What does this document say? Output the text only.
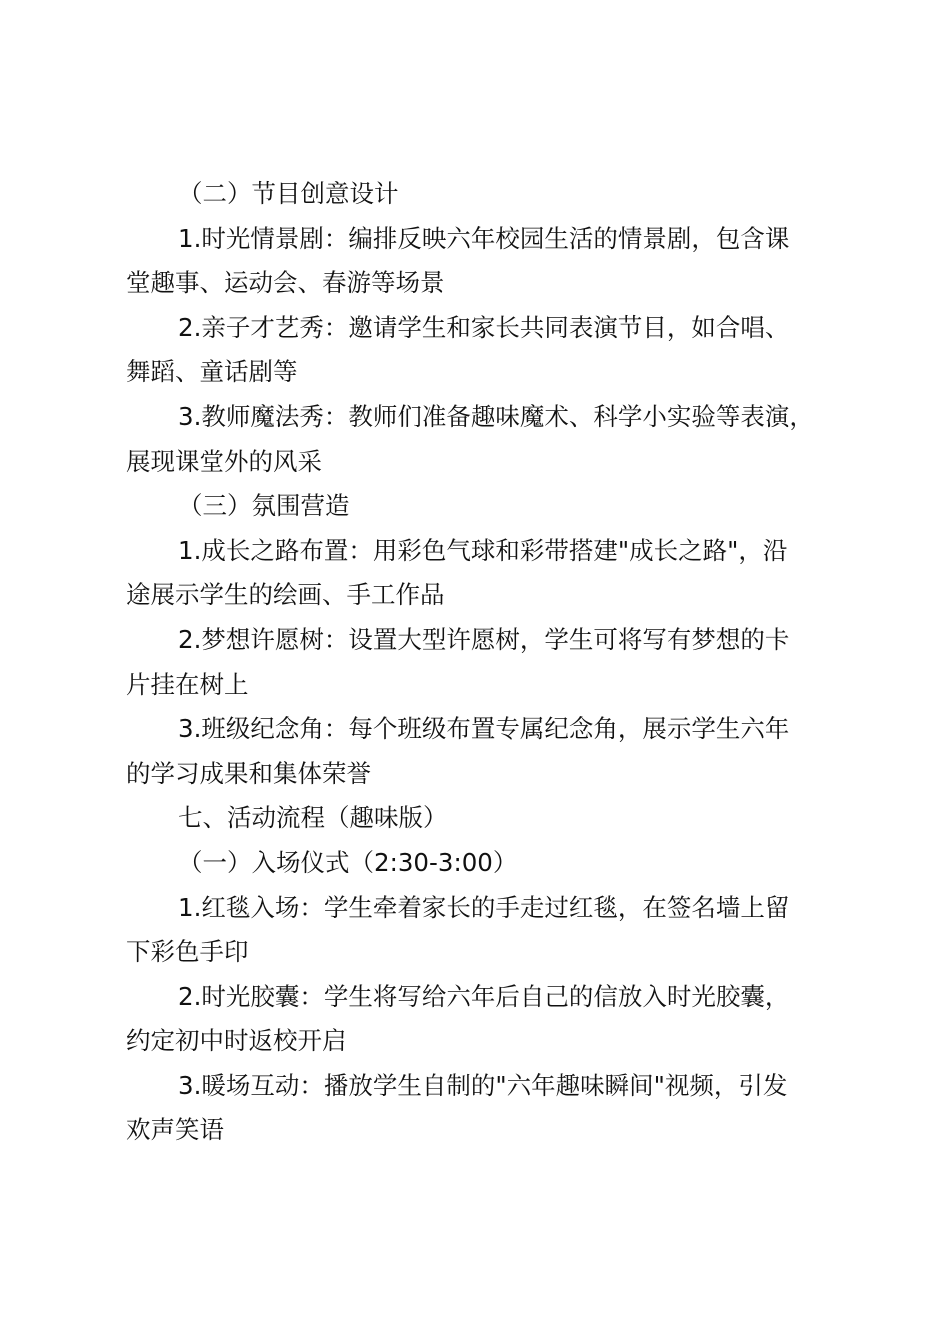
（二）节目创意设计
1.时光情景剧：编排反映六年校园生活的情景剧，包含课
堂趣事、运动会、春游等场景
2.亲子才艺秀：邀请学生和家长共同表演节目，如合唱、
舞蹈、童话剧等
3.教师魔法秀：教师们准备趣味魔术、科学小实验等表演，
展现课堂外的风采
（三）氛围营造
1.成长之路布置：用彩色气球和彩带搭建"成长之路"，沿
途展示学生的绘画、手工作品
2.梦想许愿树：设置大型许愿树，学生可将写有梦想的卡
片挂在树上
3.班级纪念角：每个班级布置专属纪念角，展示学生六年
的学习成果和集体荣誉
七、活动流程（趣味版）
（一）入场仪式（2:30-3:00）
1.红毯入场：学生牵着家长的手走过红毯，在签名墙上留
下彩色手印
2.时光胶囊：学生将写给六年后自己的信放入时光胶囊，
约定初中时返校开启
3.暖场互动：播放学生自制的"六年趣味瞬间"视频，引发
欢声笑语
